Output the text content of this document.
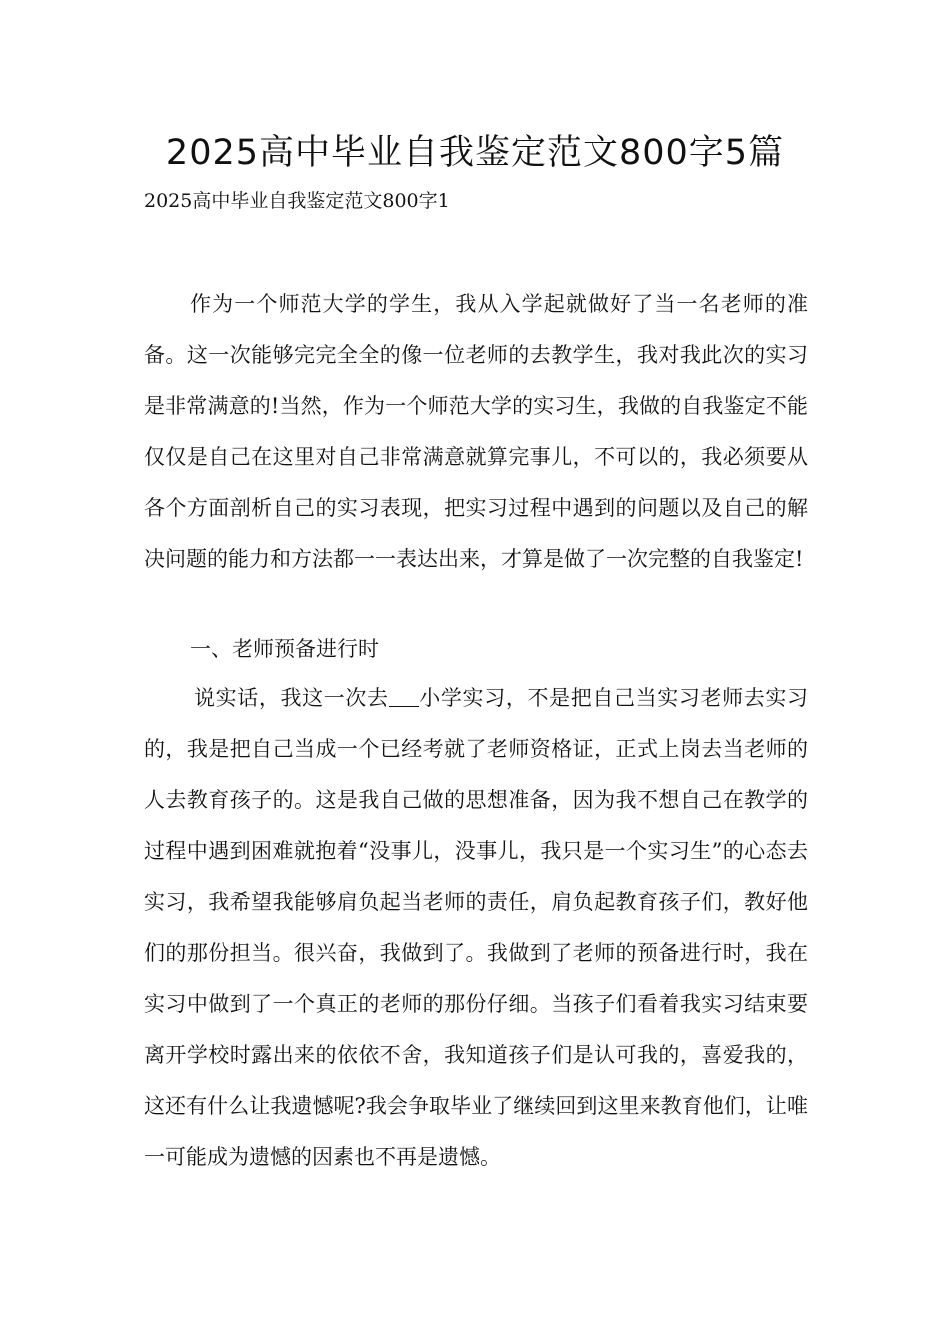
2025高中毕业自我鉴定范文800字5篇

2025高中毕业自我鉴定范文800字1

作为一个师范大学的学生，我从入学起就做好了当一名老师的准备。这一次能够完完全全的像一位老师的去教学生，我对我此次的实习是非常满意的!当然，作为一个师范大学的实习生，我做的自我鉴定不能仅仅是自己在这里对自己非常满意就算完事儿，不可以的，我必须要从各个方面剖析自己的实习表现，把实习过程中遇到的问题以及自己的解决问题的能力和方法都一一表达出来，才算是做了一次完整的自我鉴定!

一、老师预备进行时

说实话，我这一次去 小学实习，不是把自己当实习老师去实习的，我是把自己当成一个已经考就了老师资格证，正式上岗去当老师的人去教育孩子的。这是我自己做的思想准备，因为我不想自己在教学的过程中遇到困难就抱着“没事儿，没事儿，我只是一个实习生”的心态去实习，我希望我能够肩负起当老师的责任，肩负起教育孩子们，教好他们的那份担当。很兴奋，我做到了。我做到了老师的预备进行时，我在实习中做到了一个真正的老师的那份仔细。当孩子们看着我实习结束要离开学校时露出来的依依不舍，我知道孩子们是认可我的，喜爱我的，这还有什么让我遗憾呢?我会争取毕业了继续回到这里来教育他们，让唯一可能成为遗憾的因素也不再是遗憾。
